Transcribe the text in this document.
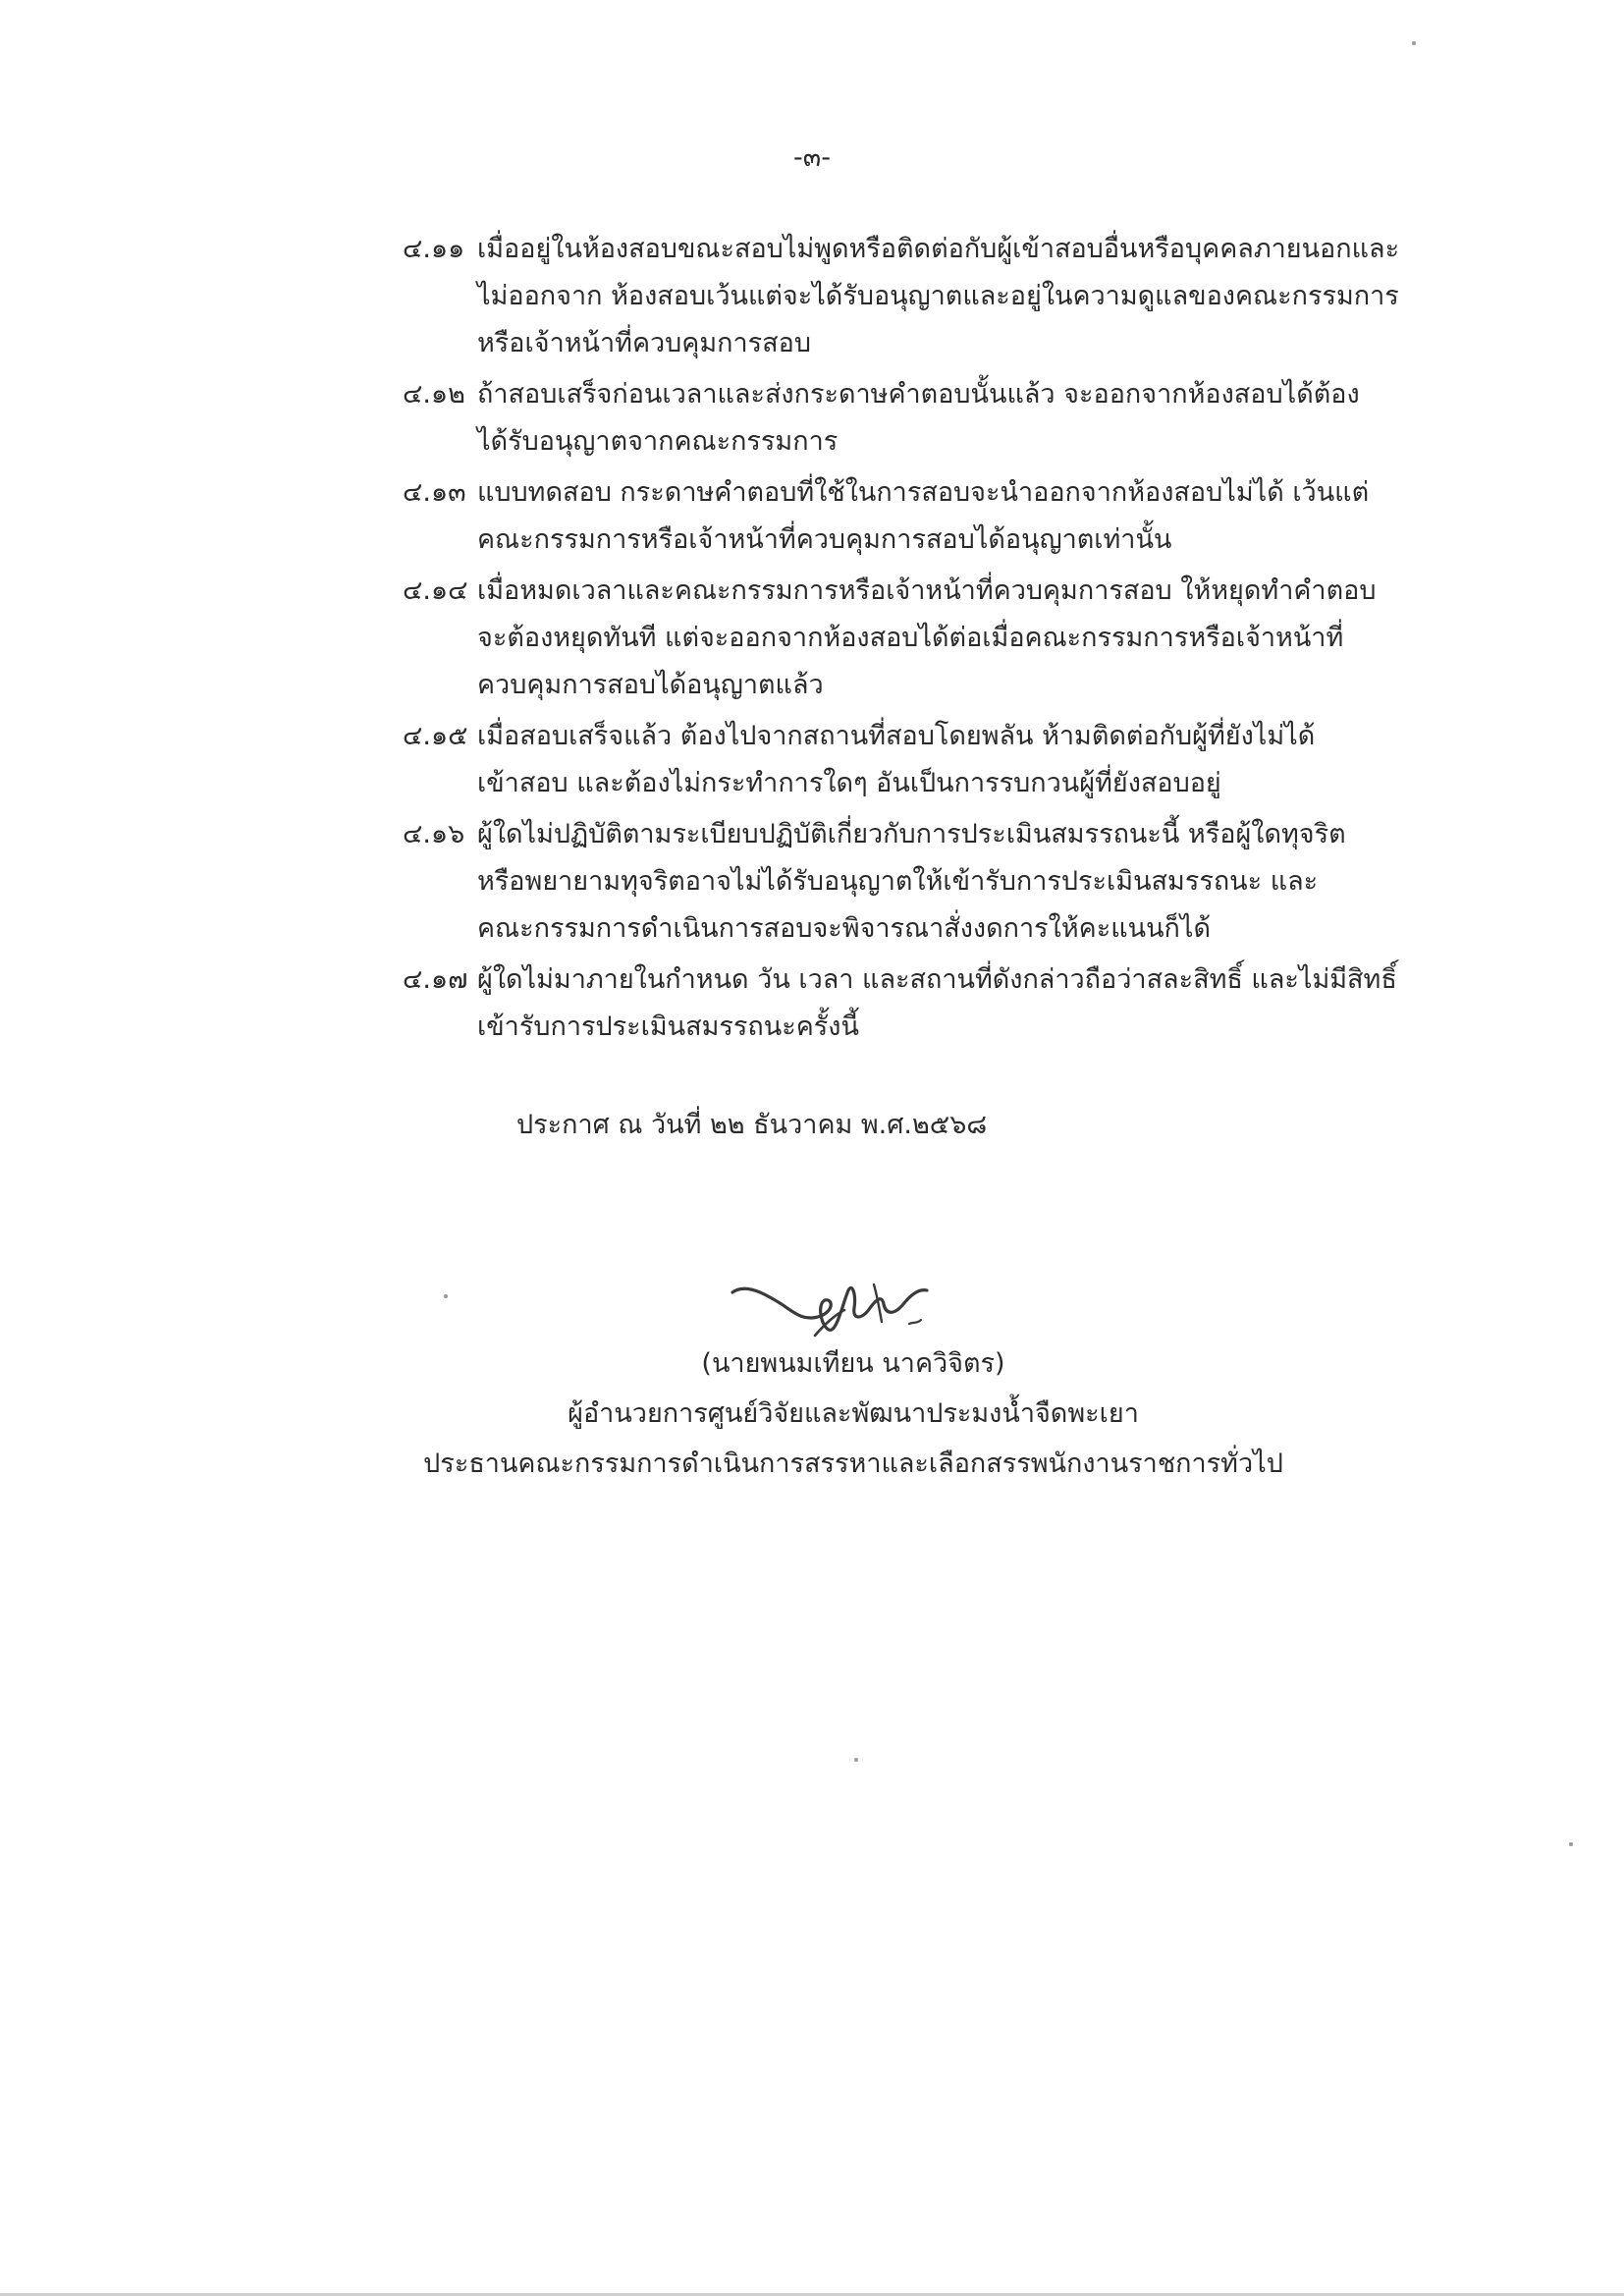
-๓-
๔.๑๑ เมื่ออยู่ในห้องสอบขณะสอบไม่พูดหรือติดต่อกับผู้เข้าสอบอื่นหรือบุคคลภายนอกและ
ไม่ออกจาก ห้องสอบเว้นแต่จะได้รับอนุญาตและอยู่ในความดูแลของคณะกรรมการ
หรือเจ้าหน้าที่ควบคุมการสอบ
๔.๑๒ ถ้าสอบเสร็จก่อนเวลาและส่งกระดาษคำตอบนั้นแล้ว จะออกจากห้องสอบได้ต้อง
ได้รับอนุญาตจากคณะกรรมการ
๔.๑๓ แบบทดสอบ กระดาษคำตอบที่ใช้ในการสอบจะนำออกจากห้องสอบไม่ได้ เว้นแต่
คณะกรรมการหรือเจ้าหน้าที่ควบคุมการสอบได้อนุญาตเท่านั้น
๔.๑๔ เมื่อหมดเวลาและคณะกรรมการหรือเจ้าหน้าที่ควบคุมการสอบ ให้หยุดทำคำตอบ
จะต้องหยุดทันที แต่จะออกจากห้องสอบได้ต่อเมื่อคณะกรรมการหรือเจ้าหน้าที่
ควบคุมการสอบได้อนุญาตแล้ว
๔.๑๕ เมื่อสอบเสร็จแล้ว ต้องไปจากสถานที่สอบโดยพลัน ห้ามติดต่อกับผู้ที่ยังไม่ได้
เข้าสอบ และต้องไม่กระทำการใดๆ อันเป็นการรบกวนผู้ที่ยังสอบอยู่
๔.๑๖ ผู้ใดไม่ปฏิบัติตามระเบียบปฏิบัติเกี่ยวกับการประเมินสมรรถนะนี้ หรือผู้ใดทุจริต
หรือพยายามทุจริตอาจไม่ได้รับอนุญาตให้เข้ารับการประเมินสมรรถนะ และ
คณะกรรมการดำเนินการสอบจะพิจารณาสั่งงดการให้คะแนนก็ได้
๔.๑๗ ผู้ใดไม่มาภายในกำหนด วัน เวลา และสถานที่ดังกล่าวถือว่าสละสิทธิ์ และไม่มีสิทธิ์
เข้ารับการประเมินสมรรถนะครั้งนี้
ประกาศ ณ วันที่ ๒๒ ธันวาคม พ.ศ.๒๕๖๘
(นายพนมเทียน นาควิจิตร)
ผู้อำนวยการศูนย์วิจัยและพัฒนาประมงน้ำจืดพะเยา
ประธานคณะกรรมการดำเนินการสรรหาและเลือกสรรพนักงานราชการทั่วไป
